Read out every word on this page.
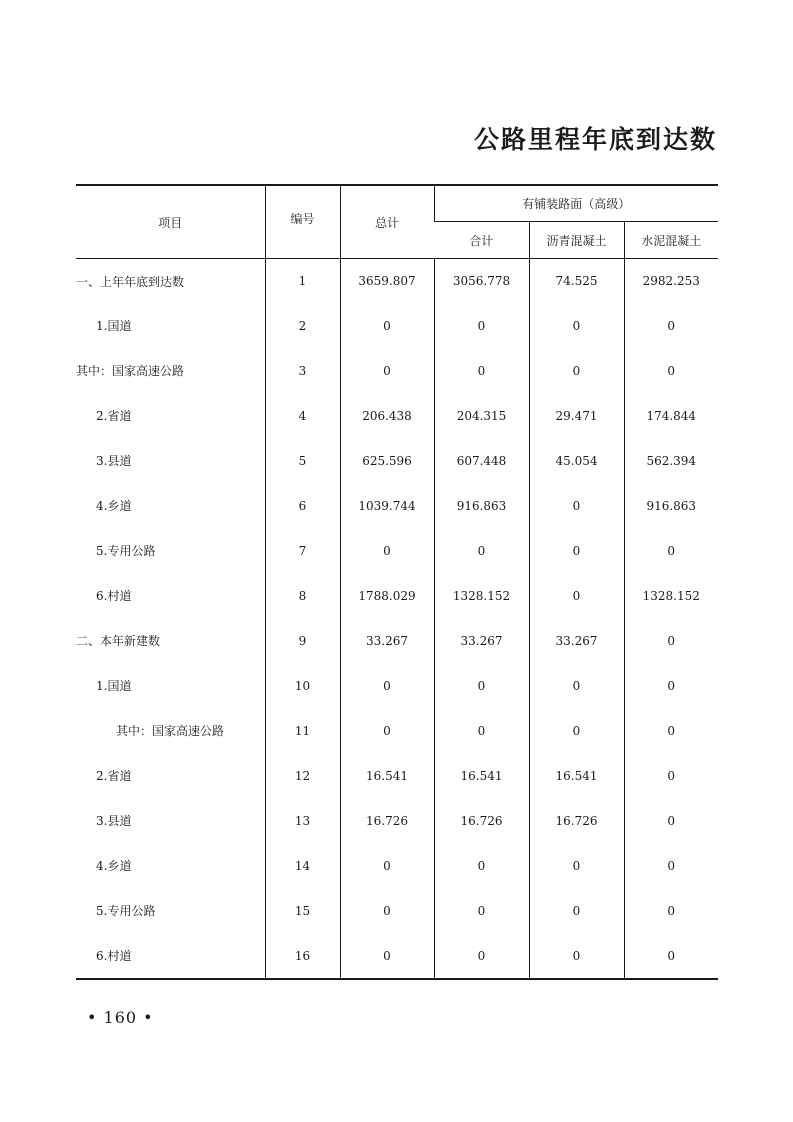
公路里程年底到达数
项目	编号	总计	有铺装路面（高级）		
			合计	沥青混凝土	水泥混凝土
一、上年年底到达数	1	3659.807	3056.778	74.525	2982.253
1.国道	2	0	0	0	0
其中：国家高速公路	3	0	0	0	0
2.省道	4	206.438	204.315	29.471	174.844
3.县道	5	625.596	607.448	45.054	562.394
4.乡道	6	1039.744	916.863	0	916.863
5.专用公路	7	0	0	0	0
6.村道	8	1788.029	1328.152	0	1328.152
二、本年新建数	9	33.267	33.267	33.267	0
1.国道	10	0	0	0	0
其中：国家高速公路	11	0	0	0	0
2.省道	12	16.541	16.541	16.541	0
3.县道	13	16.726	16.726	16.726	0
4.乡道	14	0	0	0	0
5.专用公路	15	0	0	0	0
6.村道	16	0	0	0	0
• 160 •
